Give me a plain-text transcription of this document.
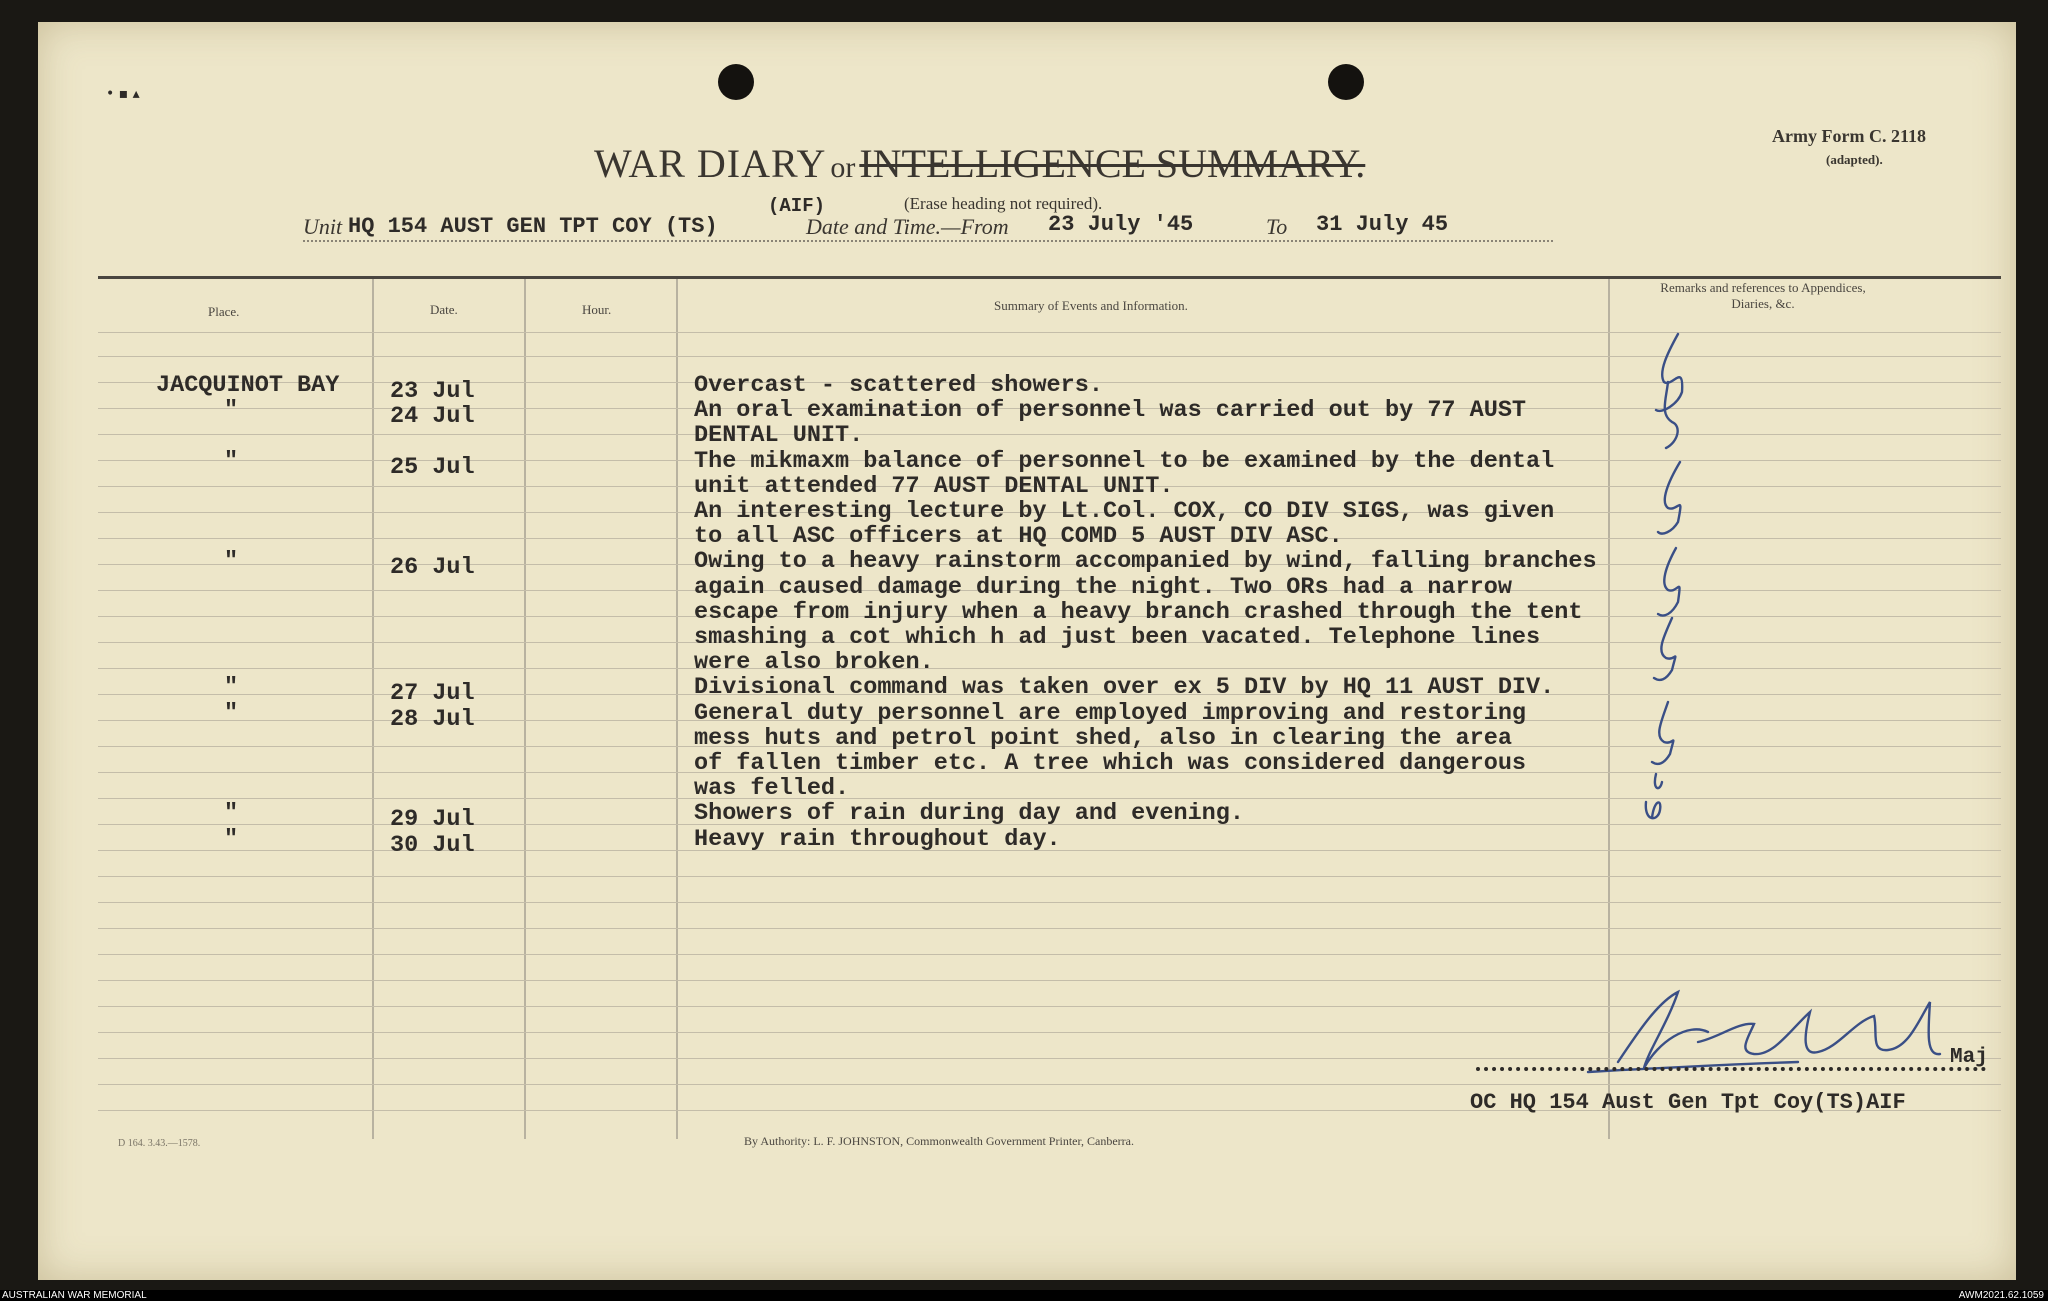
WAR DIARY or INTELLIGENCE SUMMARY.
(Erase heading not required).
Army Form C. 2118
(adapted).
Unit HQ 154 AUST GEN TPT COY (TS)
(AIF)
Date and Time.—From 23 July '45	To 31 July 45
Place.	Date.	Hour.	Summary of Events and Information.
Remarks and references to Appendices, Diaries, &c.
JACQUINOT BAY 23 Jul	Overcast - scattered showers.
"	24 Jul	An oral examination of personnel was carried out by 77 AUST
DENTAL UNIT.
"	25 Jul	The mikmaxm balance of personnel to be examined by the dental
unit attended 77 AUST DENTAL UNIT.
An interesting lecture by Lt.Col. COX, CO DIV SIGS, was given
to all ASC officers at HQ COMD 5 AUST DIV ASC.
"	26 Jul	Owing to a heavy rainstorm accompanied by wind, falling branches
again caused damage during the night. Two ORs had a narrow
escape from injury when a heavy branch crashed through the tent
smashing a cot which h ad just been vacated. Telephone lines
were also broken.
"	27 Jul	Divisional command was taken over ex 5 DIV by HQ 11 AUST DIV.
"	28 Jul	General duty personnel are employed improving and restoring
mess huts and petrol point shed, also in clearing the area
of fallen timber etc. A tree which was considered dangerous
was felled.
"	29 Jul	Showers of rain during day and evening.
"	30 Jul	Heavy rain throughout day.
Maj
OC HQ 154 Aust Gen Tpt Coy(TS)AIF
D 164. 3.43.—1578.	By Authority: L. F. JOHNSTON, Commonwealth Government Printer, Canberra.
• ▪ ▴
AUSTRALIAN WAR MEMORIAL	AWM2021.62.1059
